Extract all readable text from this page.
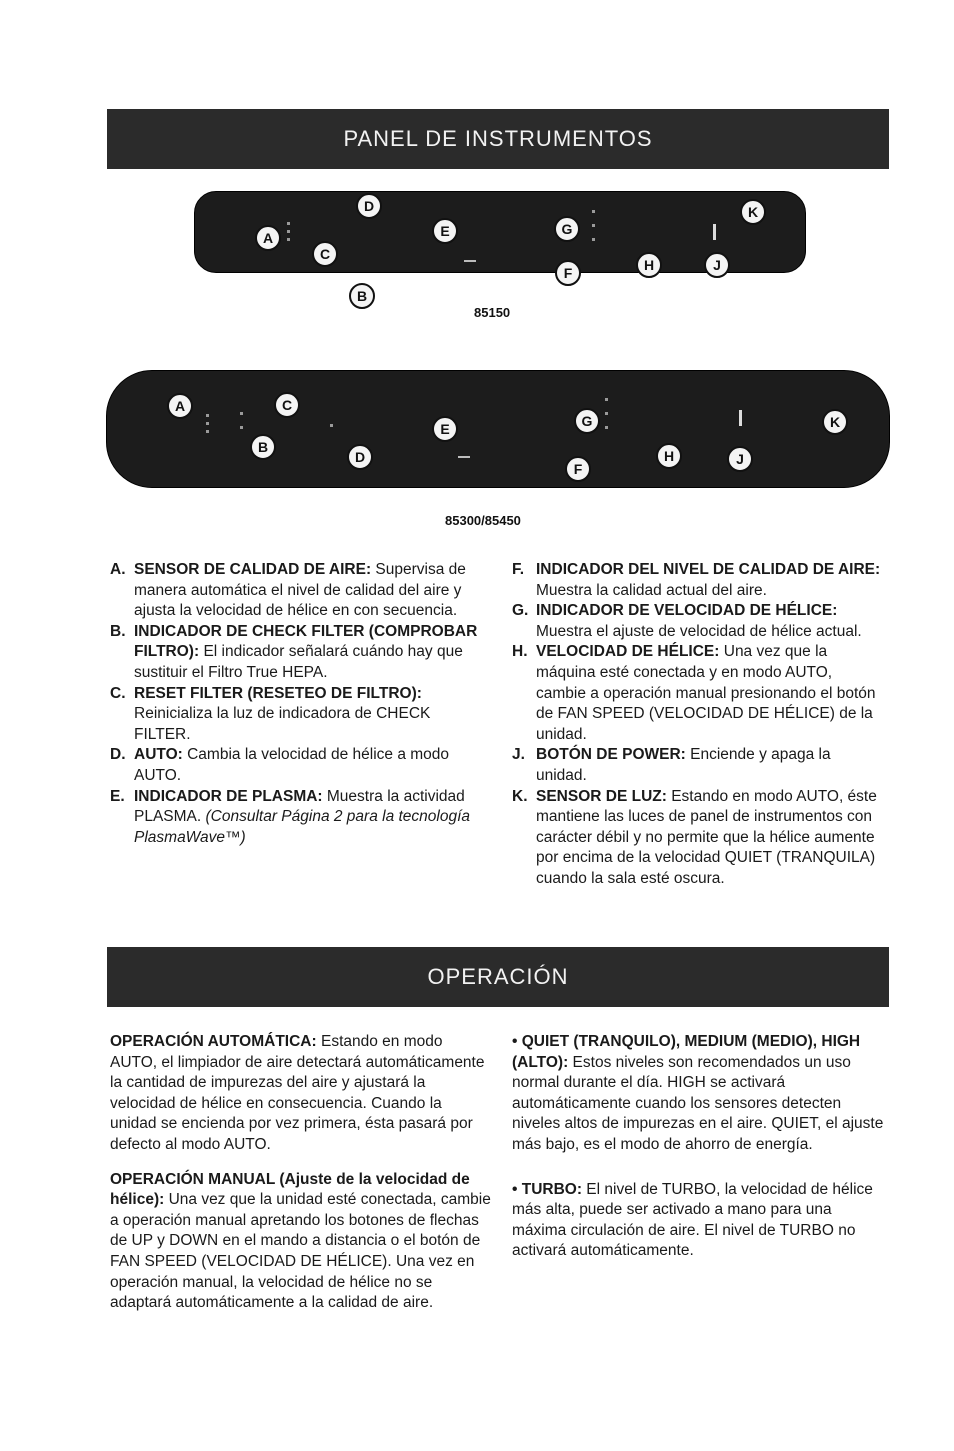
PANEL DE INSTRUMENTOS
A
B
C
D
E
F
G
H	J
K
85150
A
B
C
D
E
F
G
H	J
K
85300/85450
A. SENSOR DE CALIDAD DE AIRE: Supervisa de manera automática el nivel de calidad del aire y ajusta la velocidad de hélice en con secuencia.
B. INDICADOR DE CHECK FILTER (COMPROBAR FILTRO): El indicador señalará cuándo hay que sustituir el Filtro True HEPA.
C. RESET FILTER (RESETEO DE FILTRO): Reinicializa la luz de indicadora de CHECK FILTER.
D. AUTO: Cambia la velocidad de hélice a modo AUTO.
E. INDICADOR DE PLASMA: Muestra la actividad PLASMA. (Consultar Página 2 para la tecnología PlasmaWave™)
F. INDICADOR DEL NIVEL DE CALIDAD DE AIRE: Muestra la calidad actual del aire.
G. INDICADOR DE VELOCIDAD DE HÉLICE: Muestra el ajuste de velocidad de hélice actual.
H. VELOCIDAD DE HÉLICE: Una vez que la máquina esté conectada y en modo AUTO, cambie a operación manual presionando el botón de FAN SPEED (VELOCIDAD DE HÉLICE) de la unidad.
J. BOTÓN DE POWER: Enciende y apaga la unidad.
K. SENSOR DE LUZ: Estando en modo AUTO, éste mantiene las luces de panel de instrumentos con carácter débil y no permite que la hélice aumente por encima de la velocidad QUIET (TRANQUILA) cuando la sala esté oscura.
OPERACIÓN

OPERACIÓN AUTOMÁTICA: Estando en modo AUTO, el limpiador de aire detectará automáticamente la cantidad de impurezas del aire y ajustará la velocidad de hélice en consecuencia. Cuando la unidad se encienda por vez primera, ésta pasará por defecto al modo AUTO.

OPERACIÓN MANUAL (Ajuste de la velocidad de hélice): Una vez que la unidad esté conectada, cambie a operación manual apretando los botones de flechas de UP y DOWN en el mando a distancia o el botón de FAN SPEED (VELOCIDAD DE HÉLICE). Una vez en operación manual, la velocidad de hélice no se adaptará automáticamente a la calidad de aire.

• QUIET (TRANQUILO), MEDIUM (MEDIO), HIGH (ALTO): Estos niveles son recomendados un uso normal durante el día. HIGH se activará automáticamente cuando los sensores detecten niveles altos de impurezas en el aire. QUIET, el ajuste más bajo, es el modo de ahorro de energía.

• TURBO: El nivel de TURBO, la velocidad de hélice más alta, puede ser activado a mano para una máxima circulación de aire. El nivel de TURBO no activará automáticamente.
